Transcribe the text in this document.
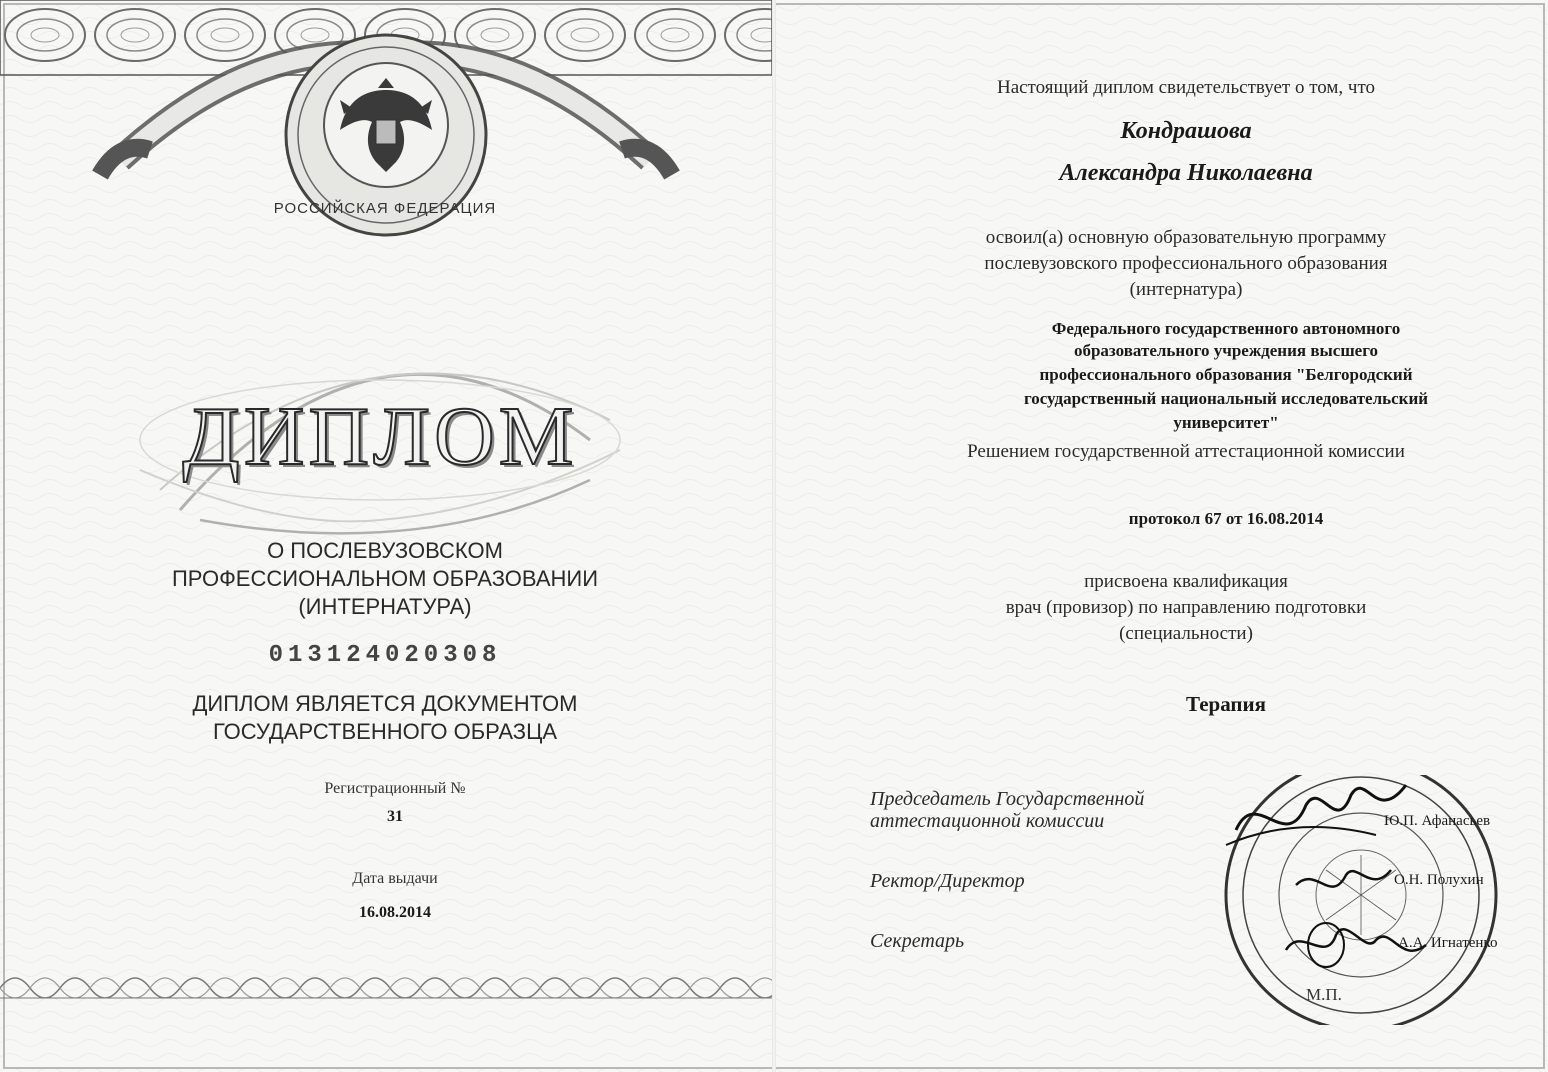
РОССИЙСКАЯ ФЕДЕРАЦИЯ
ДИПЛОМ
О ПОСЛЕВУЗОВСКОМ
ПРОФЕССИОНАЛЬНОМ ОБРАЗОВАНИИ
(ИНТЕРНАТУРА)
013124020308
ДИПЛОМ ЯВЛЯЕТСЯ ДОКУМЕНТОМ
ГОСУДАРСТВЕННОГО ОБРАЗЦА
Регистрационный №
31
Дата выдачи
16.08.2014
Настоящий диплом свидетельствует о том, что
Кондрашова
Александра Николаевна
освоил(а) основную образовательную программу
послевузовского профессионального образования
(интернатура)
Федерального государственного автономного
образовательного учреждения высшего
профессионального образования "Белгородский
государственный национальный исследовательский
университет"
Решением государственной аттестационной комиссии
протокол 67 от 16.08.2014
присвоена квалификация
врач (провизор) по направлению подготовки
(специальности)
Терапия
Председатель Государственной
аттестационной комиссии	Ю.П. Афанасьев
Ректор/Директор	О.Н. Полухин
Секретарь	А.А. Игнатенко
М.П.
